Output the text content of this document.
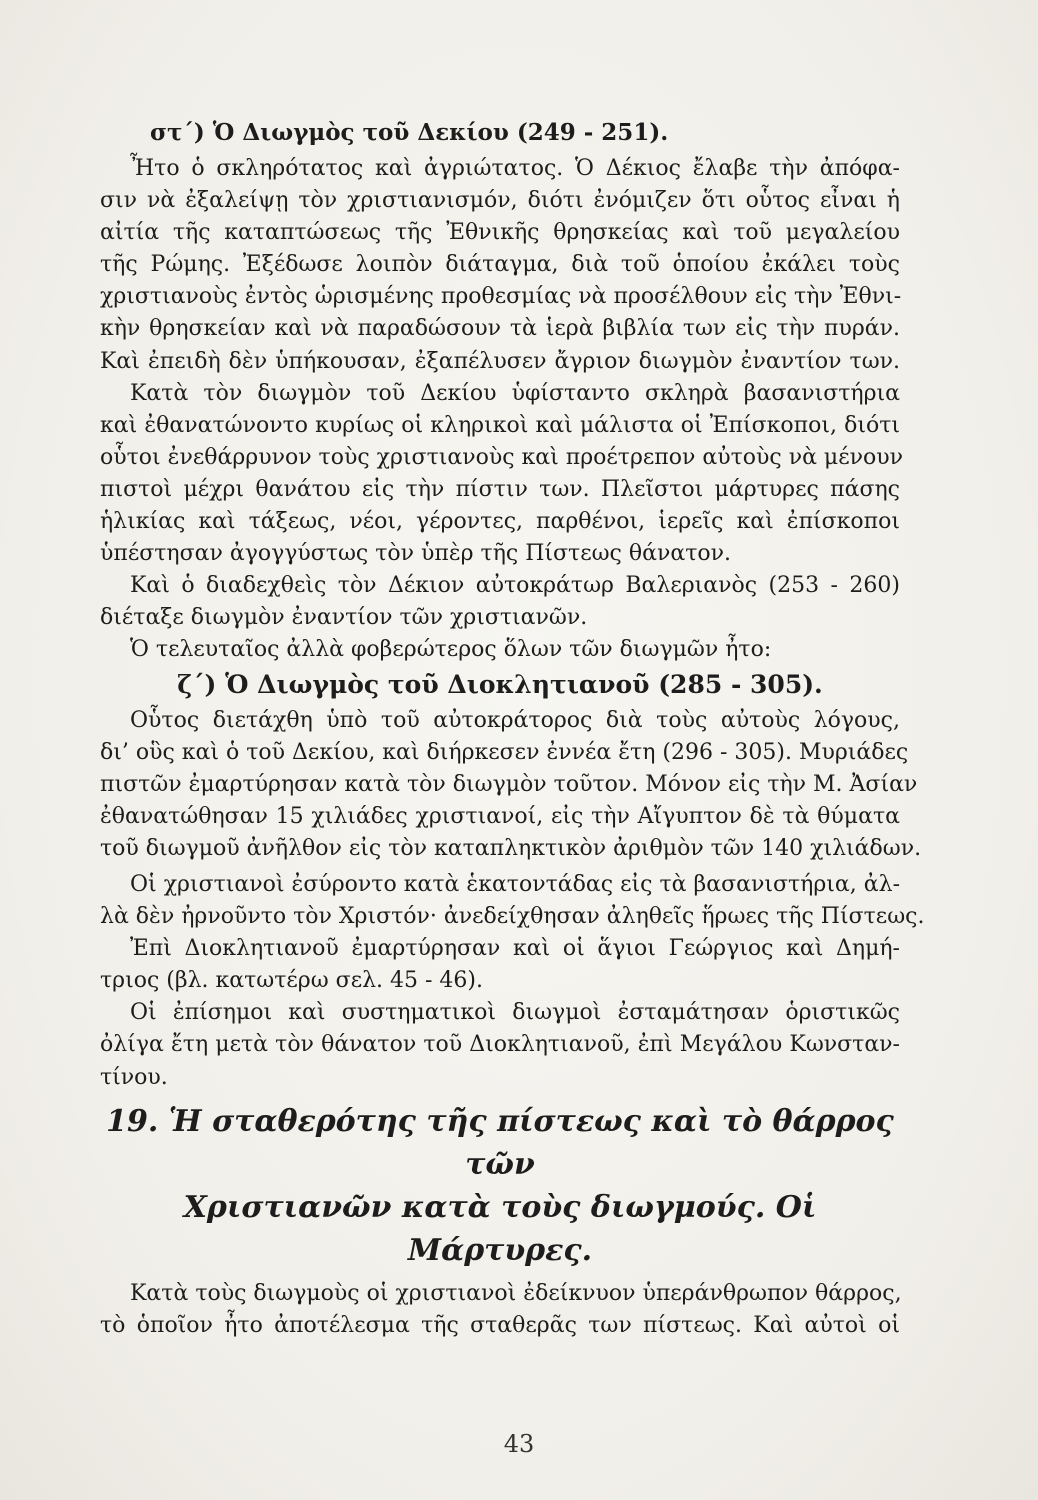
στ΄) Ὁ Διωγμὸς τοῦ Δεκίου (249 - 251).

Ἦτο ὁ σκληρότατος καὶ ἀγριώτατος. Ὁ Δέκιος ἔλαβε τὴν ἀπόφα-
σιν νὰ ἐξαλείψῃ τὸν χριστιανισμόν, διότι ἐνόμιζεν ὅτι οὗτος εἶναι ἡ
αἰτία τῆς καταπτώσεως τῆς Ἐθνικῆς θρησκείας καὶ τοῦ μεγαλείου
τῆς Ρώμης. Ἐξέδωσε λοιπὸν διάταγμα, διὰ τοῦ ὁποίου ἐκάλει τοὺς
χριστιανοὺς ἐντὸς ὡρισμένης προθεσμίας νὰ προσέλθουν εἰς τὴν Ἐθνι-
κὴν θρησκείαν καὶ νὰ παραδώσουν τὰ ἱερὰ βιβλία των εἰς τὴν πυράν.
Καὶ ἐπειδὴ δὲν ὑπήκουσαν, ἐξαπέλυσεν ἄγριον διωγμὸν ἐναντίον των.

Κατὰ τὸν διωγμὸν τοῦ Δεκίου ὑφίσταντο σκληρὰ βασανιστήρια
καὶ ἐθανατώνοντο κυρίως οἱ κληρικοὶ καὶ μάλιστα οἱ Ἐπίσκοποι, διότι
οὗτοι ἐνεθάρρυνον τοὺς χριστιανοὺς καὶ προέτρεπον αὐτοὺς νὰ μένουν
πιστοὶ μέχρι θανάτου εἰς τὴν πίστιν των. Πλεῖστοι μάρτυρες πάσης
ἡλικίας καὶ τάξεως, νέοι, γέροντες, παρθένοι, ἱερεῖς καὶ ἐπίσκοποι
ὑπέστησαν ἀγογγύστως τὸν ὑπὲρ τῆς Πίστεως θάνατον.

Καὶ ὁ διαδεχθεὶς τὸν Δέκιον αὐτοκράτωρ Βαλεριανὸς (253 - 260)
διέταξε διωγμὸν ἐναντίον τῶν χριστιανῶν.

Ὁ τελευταῖος ἀλλὰ φοβερώτερος ὅλων τῶν διωγμῶν ἦτο:

ζ΄) Ὁ Διωγμὸς τοῦ Διοκλητιανοῦ (285 - 305).

Οὗτος διετάχθη ὑπὸ τοῦ αὐτοκράτορος διὰ τοὺς αὐτοὺς λόγους,
δι’ οὓς καὶ ὁ τοῦ Δεκίου, καὶ διήρκεσεν ἐννέα ἔτη (296 - 305). Μυριάδες
πιστῶν ἐμαρτύρησαν κατὰ τὸν διωγμὸν τοῦτον. Μόνον εἰς τὴν Μ. Ἀσίαν
ἐθανατώθησαν 15 χιλιάδες χριστιανοί, εἰς τὴν Αἴγυπτον δὲ τὰ θύματα
τοῦ διωγμοῦ ἀνῆλθον εἰς τὸν καταπληκτικὸν ἀριθμὸν τῶν 140 χιλιάδων.

Οἱ χριστιανοὶ ἐσύροντο κατὰ ἑκατοντάδας εἰς τὰ βασανιστήρια, ἀλ-
λὰ δὲν ἠρνοῦντο τὸν Χριστόν· ἀνεδείχθησαν ἀληθεῖς ἥρωες τῆς Πίστεως.
Ἐπὶ Διοκλητιανοῦ ἐμαρτύρησαν καὶ οἱ ἅγιοι Γεώργιος καὶ Δημή-
τριος (βλ. κατωτέρω σελ. 45 - 46).

Οἱ ἐπίσημοι καὶ συστηματικοὶ διωγμοὶ ἐσταμάτησαν ὁριστικῶς
ὀλίγα ἔτη μετὰ τὸν θάνατον τοῦ Διοκλητιανοῦ, ἐπὶ Μεγάλου Κωνσταν-
τίνου.

19. Ἡ σταθερότης τῆς πίστεως καὶ τὸ θάρρος τῶν
Χριστιανῶν κατὰ τοὺς διωγμούς. Οἱ Μάρτυρες.

Κατὰ τοὺς διωγμοὺς οἱ χριστιανοὶ ἐδείκνυον ὑπεράνθρωπον θάρρος,
τὸ ὁποῖον ἦτο ἀποτέλεσμα τῆς σταθερᾶς των πίστεως. Καὶ αὐτοὶ οἱ

43
